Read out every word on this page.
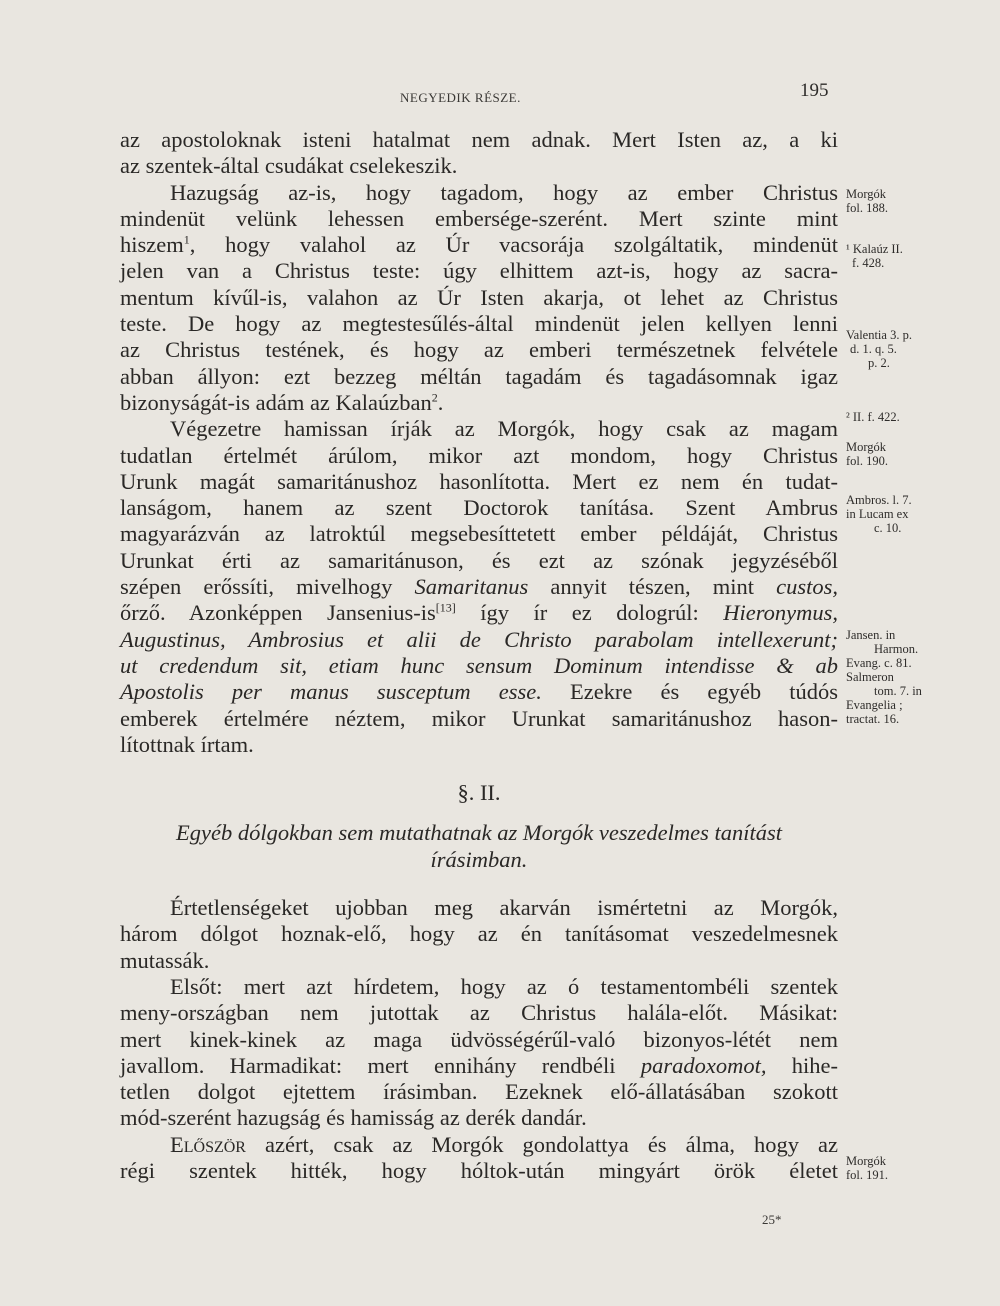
NEGYEDIK RÉSZE.	195
az apostoloknak isteni hatalmat nem adnak. Mert Isten az, a ki
az szentek-által csudákat cselekeszik.
Hazugság az-is, hogy tagadom, hogy az ember Christus
mindenüt velünk lehessen embersége-szerént. Mert szinte mint
hiszem$^1$, hogy valahol az Úr vacsorája szolgáltatik, mindenüt
jelen van a Christus teste: úgy elhittem azt-is, hogy az sacra-
mentum kívűl-is, valahon az Úr Isten akarja, ot lehet az Christus
teste. De hogy az megtestesűlés-által mindenüt jelen kellyen lenni
az Christus testének, és hogy az emberi természetnek felvétele
abban állyon: ezt bezzeg méltán tagadám és tagadásomnak igaz
bizonyságát-is adám az Kalaúzban$^2$.
Végezetre hamissan írják az Morgók, hogy csak az magam
tudatlan értelmét árúlom, mikor azt mondom, hogy Christus
Urunk magát samaritánushoz hasonlította. Mert ez nem én tudat-
lanságom, hanem az szent Doctorok tanítása. Szent Ambrus
magyarázván az latroktúl megsebesíttetett ember példáját, Christus
Urunkat érti az samaritánuson, és ezt az szónak jegyzéséből
szépen erőssíti, mivelhogy Samaritanus annyit tészen, mint custos,
őrző. Azonképpen Jansenius-is[13] így ír ez dologrúl: Hieronymus,
Augustinus, Ambrosius et alii de Christo parabolam intellexerunt;
ut credendum sit, etiam hunc sensum Dominum intendisse & ab
Apostolis per manus susceptum esse. Ezekre és egyéb túdós
emberek értelmére néztem, mikor Urunkat samaritánushoz hason-
lítottnak írtam.
§. II.
Egyéb dólgokban sem mutathatnak az Morgók veszedelmes tanítást
írásimban.
Értetlenségeket ujobban meg akarván ismértetni az Morgók,
három dólgot hoznak-elő, hogy az én tanításomat veszedelmesnek
mutassák.
Elsőt: mert azt hírdetem, hogy az ó testamentombéli szentek
meny-országban nem jutottak az Christus halála-előt. Másikat:
mert kinek-kinek az maga üdvösségérűl-való bizonyos-létét nem
javallom. Harmadikat: mert ennihány rendbéli paradoxomot, hihe-
tetlen dolgot ejtettem írásimban. Ezeknek elő-állatásában szokott
mód-szerént hazugság és hamisság az derék dandár.
Először azért, csak az Morgók gondolattya és álma, hogy az
régi szentek hitték, hogy hóltok-után mingyárt örök életet
Morgók
fol. 188.
¹ Kalaúz II.
f. 428.
Valentia 3. p.
d. 1. q. 5.
p. 2.
² II. f. 422.
Morgók
fol. 190.
Ambros. l. 7.
in Lucam ex
c. 10.
Jansen. in
Harmon.
Evang. c. 81.
Salmeron
tom. 7. in
Evangelia ;
tractat. 16.
Morgók
fol. 191.
25*
